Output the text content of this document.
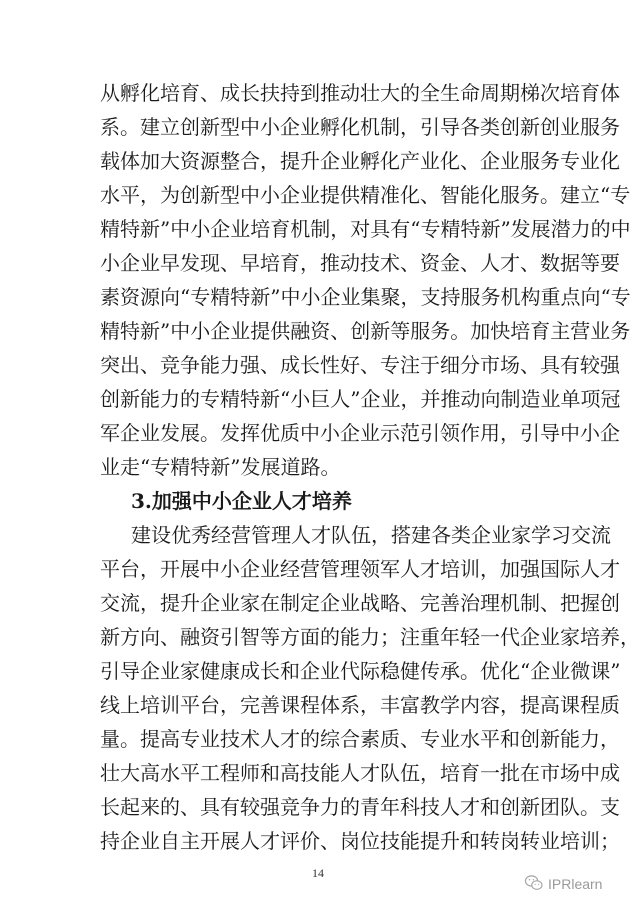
从孵化培育、成长扶持到推动壮大的全生命周期梯次培育体
系。建立创新型中小企业孵化机制，引导各类创新创业服务
载体加大资源整合，提升企业孵化产业化、企业服务专业化
水平，为创新型中小企业提供精准化、智能化服务。建立“专
精特新”中小企业培育机制，对具有“专精特新”发展潜力的中
小企业早发现、早培育，推动技术、资金、人才、数据等要
素资源向“专精特新”中小企业集聚，支持服务机构重点向“专
精特新”中小企业提供融资、创新等服务。加快培育主营业务
突出、竞争能力强、成长性好、专注于细分市场、具有较强
创新能力的专精特新“小巨人”企业，并推动向制造业单项冠
军企业发展。发挥优质中小企业示范引领作用，引导中小企
业走“专精特新”发展道路。
3.加强中小企业人才培养
建设优秀经营管理人才队伍，搭建各类企业家学习交流
平台，开展中小企业经营管理领军人才培训，加强国际人才
交流，提升企业家在制定企业战略、完善治理机制、把握创
新方向、融资引智等方面的能力；注重年轻一代企业家培养，
引导企业家健康成长和企业代际稳健传承。优化“企业微课”
线上培训平台，完善课程体系，丰富教学内容，提高课程质
量。提高专业技术人才的综合素质、专业水平和创新能力，
壮大高水平工程师和高技能人才队伍，培育一批在市场中成
长起来的、具有较强竞争力的青年科技人才和创新团队。支
持企业自主开展人才评价、岗位技能提升和转岗转业培训；
14
IPRlearn
